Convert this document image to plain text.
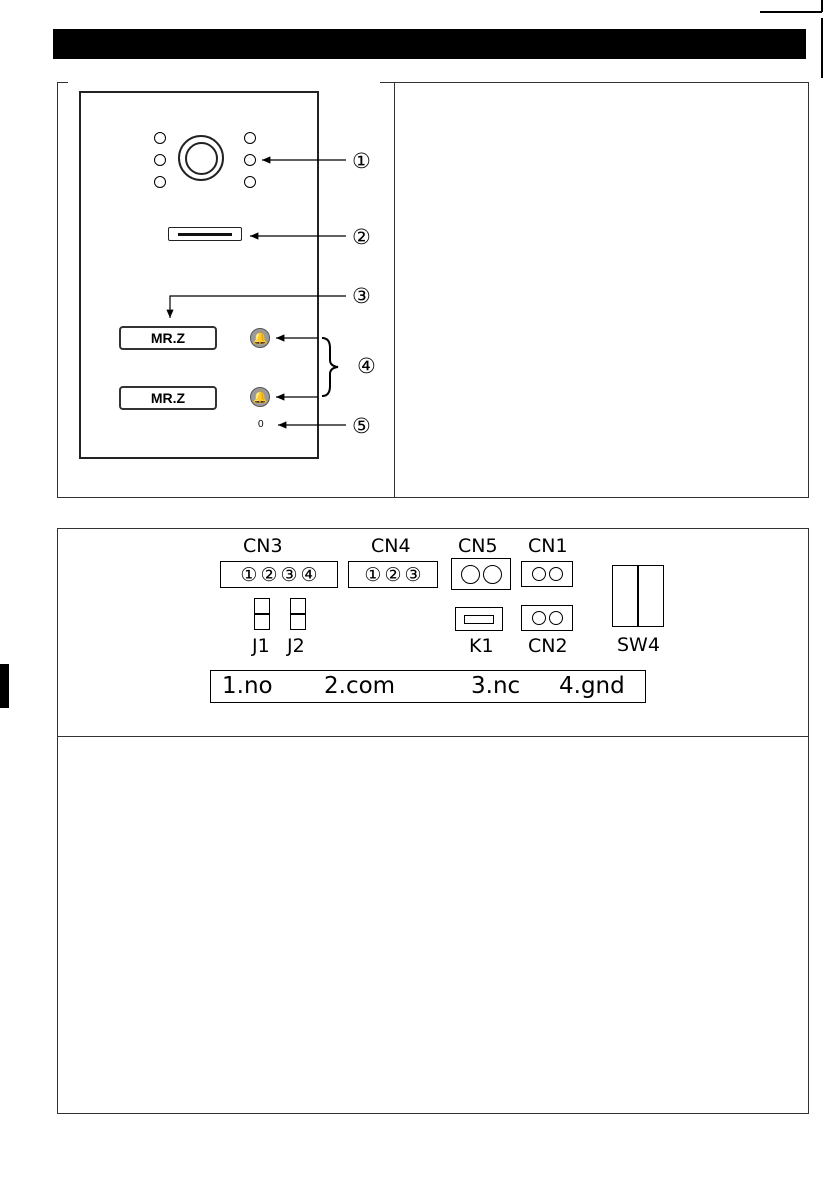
MR.Z
MR.Z
🔔
🔔
0
①
②
③
④
⑤
CN3	CN4 CN5 CN1
① ② ③ ④ ① ② ③
CN2
J1 J2	K1	SW4
1.no 2.com	3.nc 4.gnd
